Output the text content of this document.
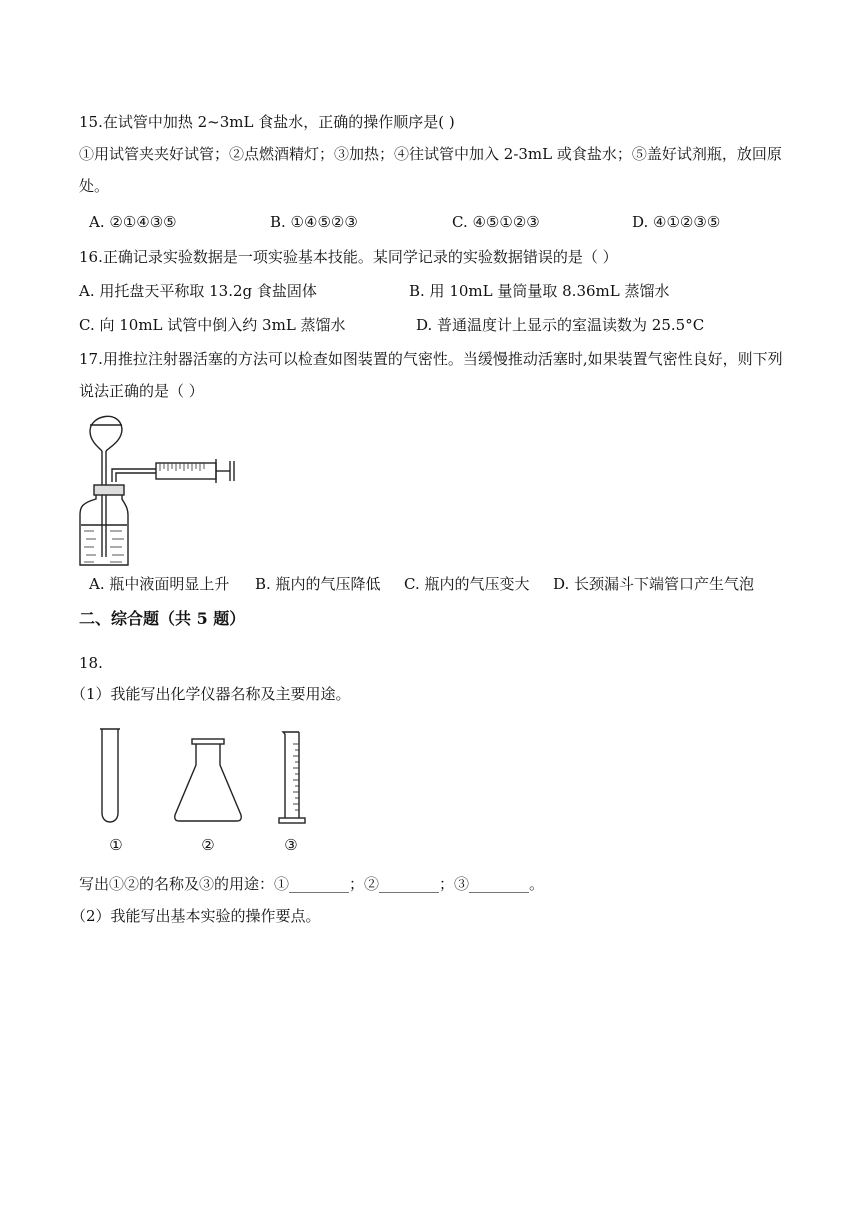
15.在试管中加热 2~3mL 食盐水，正确的操作顺序是( )
①用试管夹夹好试管；②点燃酒精灯；③加热；④往试管中加入 2-3mL 或食盐水；⑤盖好试剂瓶，放回原
处。
A. ②①④③⑤	B. ①④⑤②③	C. ④⑤①②③	D. ④①②③⑤
16.正确记录实验数据是一项实验基本技能。某同学记录的实验数据错误的是（ ）
A. 用托盘天平称取 13.2g 食盐固体	B. 用 10mL 量筒量取 8.36mL 蒸馏水
C. 向 10mL 试管中倒入约 3mL 蒸馏水	D. 普通温度计上显示的室温读数为 25.5°C
17.用推拉注射器活塞的方法可以检查如图装置的气密性。当缓慢推动活塞时,如果装置气密性良好，则下列
说法正确的是（ ）
A. 瓶中液面明显上升 B. 瓶内的气压降低 C. 瓶内的气压变大 D. 长颈漏斗下端管口产生气泡
二、综合题（共 5 题）
18.
（1）我能写出化学仪器名称及主要用途。
①	②	③
写出①②的名称及③的用途：①________；②________；③________。
（2）我能写出基本实验的操作要点。
